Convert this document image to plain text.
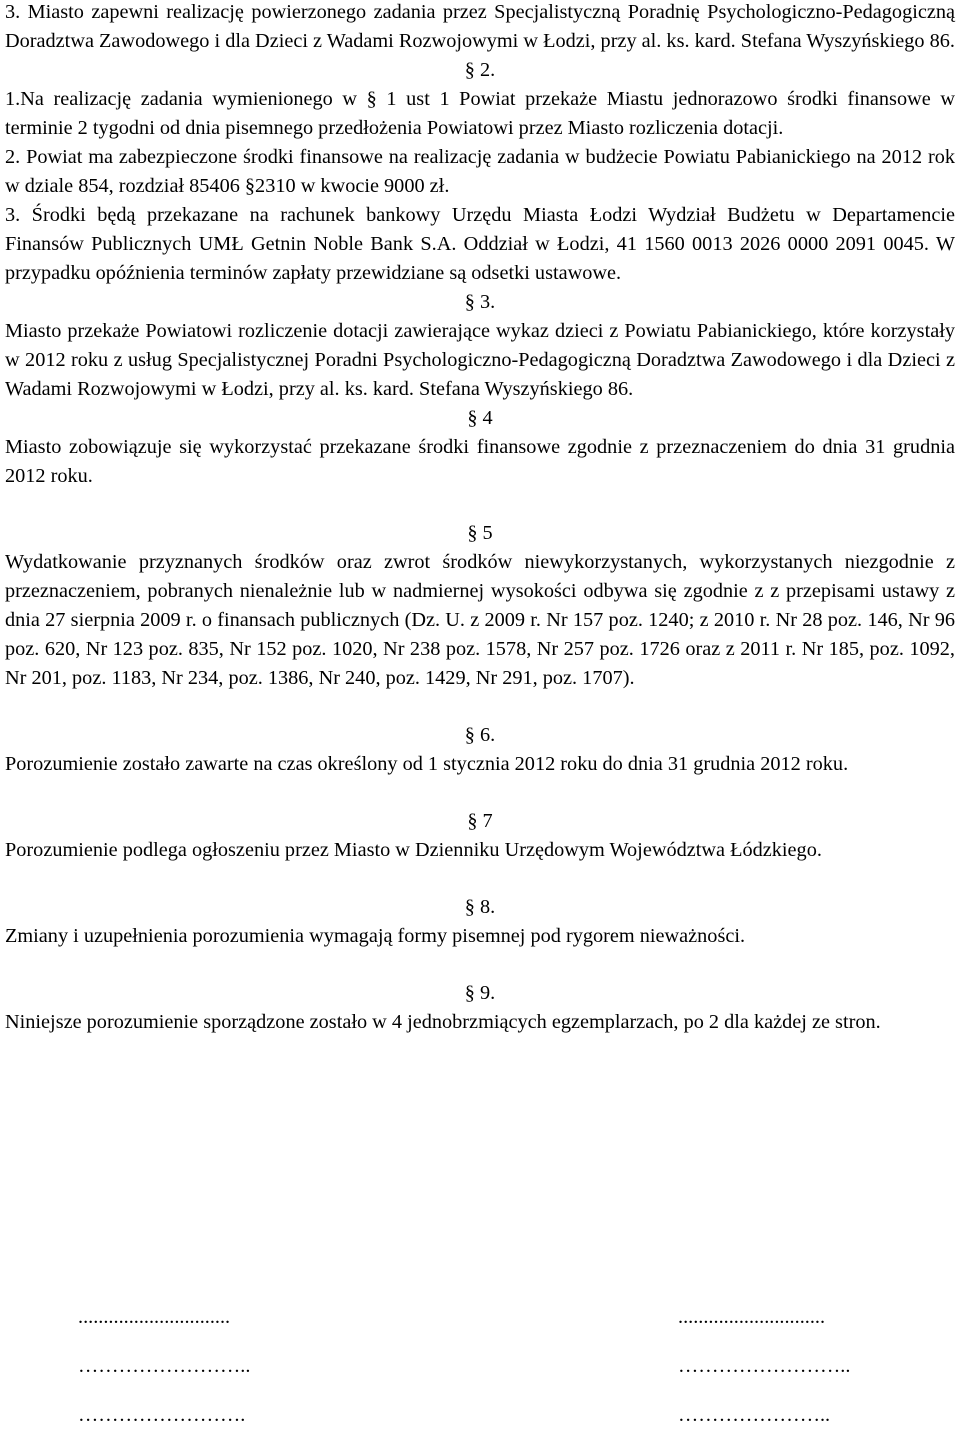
3. Miasto zapewni realizację powierzonego zadania przez Specjalistyczną Poradnię Psychologiczno-Pedagogiczną Doradztwa Zawodowego i dla Dzieci z Wadami Rozwojowymi w Łodzi, przy al. ks. kard. Stefana Wyszyńskiego 86.

§ 2.

1.Na realizację zadania wymienionego w § 1 ust 1 Powiat przekaże Miastu jednorazowo środki finansowe w terminie 2 tygodni od dnia pisemnego przedłożenia Powiatowi przez Miasto rozliczenia dotacji.

2. Powiat ma zabezpieczone środki finansowe na realizację zadania w budżecie Powiatu Pabianickiego na 2012 rok w dziale 854, rozdział 85406 §2310 w kwocie 9000 zł.

3. Środki będą przekazane na rachunek bankowy Urzędu Miasta Łodzi Wydział Budżetu w Departamencie Finansów Publicznych UMŁ Getnin Noble Bank S.A. Oddział w Łodzi, 41 1560 0013 2026 0000 2091 0045. W przypadku opóźnienia terminów zapłaty przewidziane są odsetki ustawowe.

§ 3.

Miasto przekaże Powiatowi rozliczenie dotacji zawierające wykaz dzieci z Powiatu Pabianickiego, które korzystały w 2012 roku z usług Specjalistycznej Poradni Psychologiczno-Pedagogiczną Doradztwa Zawodowego i dla Dzieci z Wadami Rozwojowymi w Łodzi, przy al. ks. kard. Stefana Wyszyńskiego 86.

§ 4

Miasto zobowiązuje się wykorzystać przekazane środki finansowe zgodnie z przeznaczeniem do dnia 31 grudnia 2012 roku.

§ 5

Wydatkowanie przyznanych środków oraz zwrot środków niewykorzystanych, wykorzystanych niezgodnie z przeznaczeniem, pobranych nienależnie lub w nadmiernej wysokości odbywa się zgodnie z z przepisami ustawy z dnia 27 sierpnia 2009 r. o finansach publicznych (Dz. U. z 2009 r. Nr 157 poz. 1240; z 2010 r. Nr 28 poz. 146, Nr 96 poz. 620, Nr 123 poz. 835, Nr 152 poz. 1020, Nr 238 poz. 1578, Nr 257 poz. 1726 oraz z 2011 r. Nr 185, poz. 1092, Nr 201, poz. 1183, Nr 234, poz. 1386, Nr 240, poz. 1429, Nr 291, poz. 1707).

§ 6.

Porozumienie zostało zawarte na czas określony od 1 stycznia 2012 roku do dnia 31 grudnia 2012 roku.

§ 7

Porozumienie podlega ogłoszeniu przez Miasto w Dzienniku Urzędowym Województwa Łódzkiego.

§ 8.

Zmiany i uzupełnienia porozumienia wymagają formy pisemnej pod rygorem nieważności.

§ 9.

Niniejsze porozumienie sporządzone zostało w 4 jednobrzmiących egzemplarzach, po 2 dla każdej ze stron.

..............................
……………………..
…………………….
.............................
……………………..
…………………..
